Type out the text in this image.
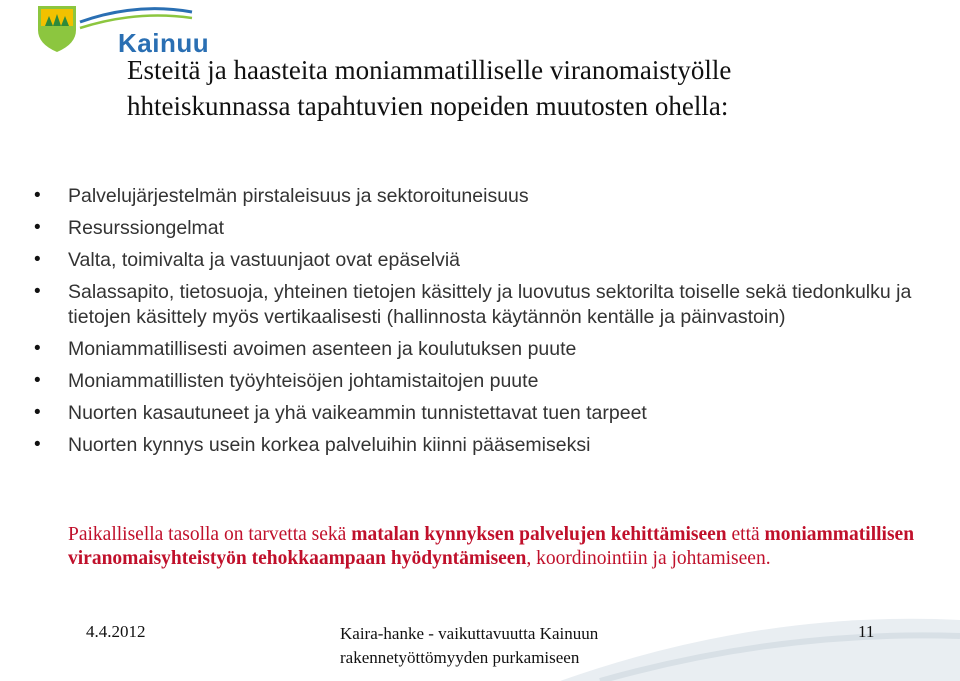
Kainuu
Esteitä ja haasteita moniammatilliselle viranomaistyölle
hhteiskunnassa tapahtuvien nopeiden muutosten ohella:
• Palvelujärjestelmän pirstaleisuus ja sektoroituneisuus
• Resurssiongelmat
• Valta, toimivalta ja vastuunjaot ovat epäselviä
• Salassapito, tietosuoja, yhteinen tietojen käsittely ja luovutus sektorilta toiselle sekä tiedonkulku ja tietojen käsittely myös vertikaalisesti (hallinnosta käytännön kentälle ja päinvastoin)
• Moniammatillisesti avoimen asenteen ja koulutuksen puute
• Moniammatillisten työyhteisöjen johtamistaitojen puute
• Nuorten kasautuneet ja yhä vaikeammin tunnistettavat tuen tarpeet
• Nuorten kynnys usein korkea palveluihin kiinni pääsemiseksi
Paikallisella tasolla on tarvetta sekä matalan kynnyksen palvelujen kehittämiseen että moniammatillisen viranomaisyhteistyön tehokkaampaan hyödyntämiseen, koordinointiin ja johtamiseen.
4.4.2012	Kaira-hanke - vaikuttavuutta Kainuun
rakennetyöttömyyden purkamiseen
11
